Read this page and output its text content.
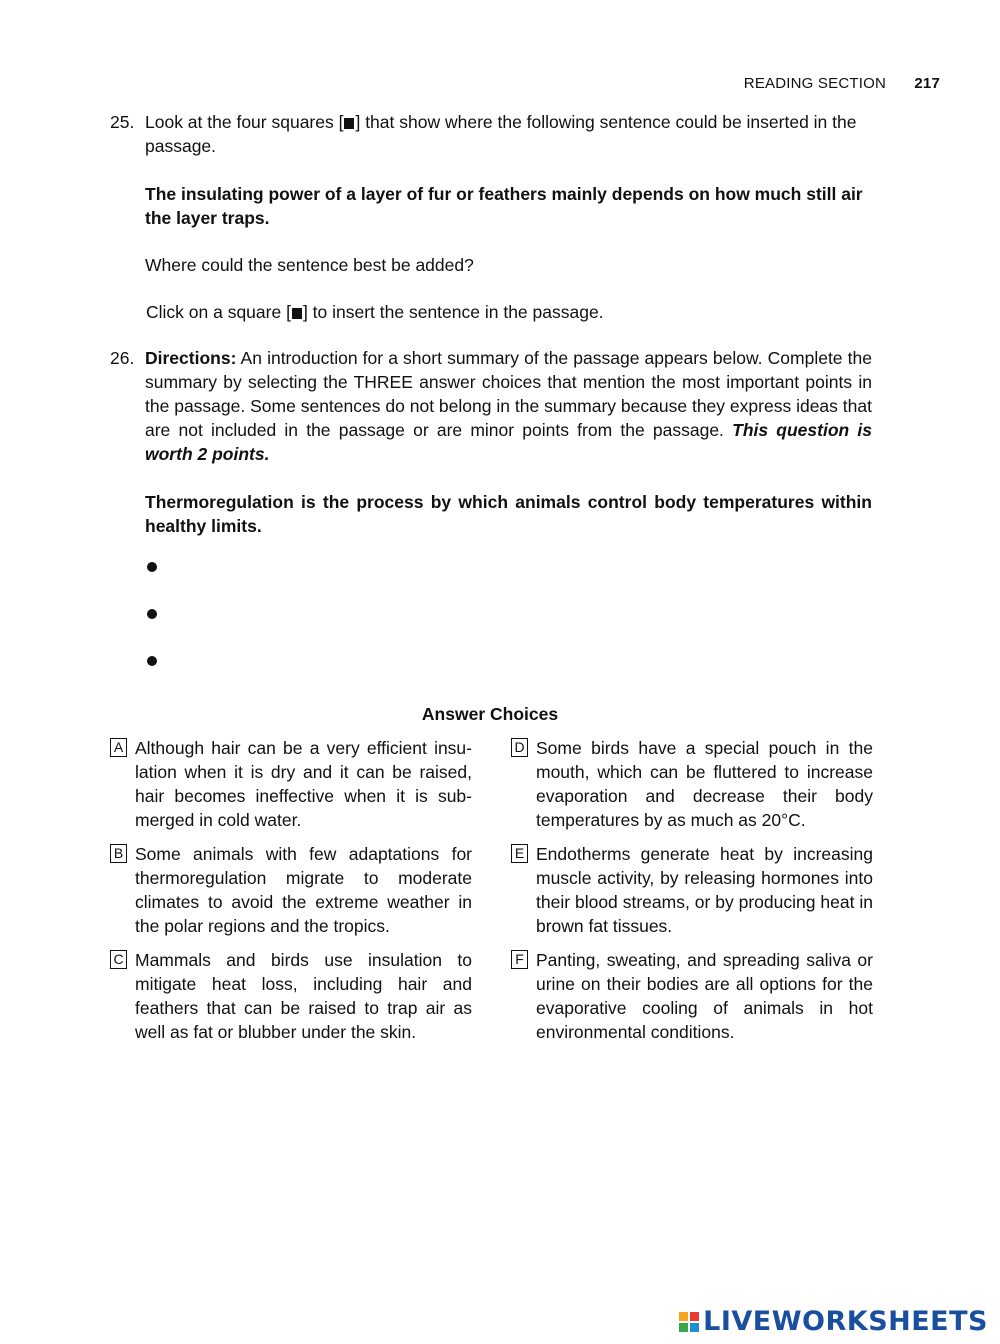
READING SECTION 217
25. Look at the four squares [ ] that show where the following sentence could be inserted in the passage.

The insulating power of a layer of fur or feathers mainly depends on how much still air the layer traps.

Where could the sentence best be added?

Click on a square [ ] to insert the sentence in the passage.

26. Directions: An introduction for a short summary of the passage appears below. Complete the summary by selecting the THREE answer choices that mention the most important points in the passage. Some sentences do not belong in the summary because they express ideas that are not included in the passage or are minor points from the passage. This question is worth 2 points.

Thermoregulation is the process by which animals control body temperatures within healthy limits.

Answer Choices
A Although hair can be a very efficient insu-lation when it is dry and it can be raised, hair becomes ineffective when it is sub-merged in cold water.
B Some animals with few adaptations for thermoregulation migrate to moderate climates to avoid the extreme weather in the polar regions and the tropics.
C Mammals and birds use insulation to mitigate heat loss, including hair and feathers that can be raised to trap air as well as fat or blubber under the skin.
D Some birds have a special pouch in the mouth, which can be fluttered to increase evaporation and decrease their body temperatures by as much as 20°C.
E Endotherms generate heat by increasing muscle activity, by releasing hormones into their blood streams, or by producing heat in brown fat tissues.
F Panting, sweating, and spreading saliva or urine on their bodies are all options for the evaporative cooling of animals in hot environmental conditions.
LIVEWORKSHEETS
